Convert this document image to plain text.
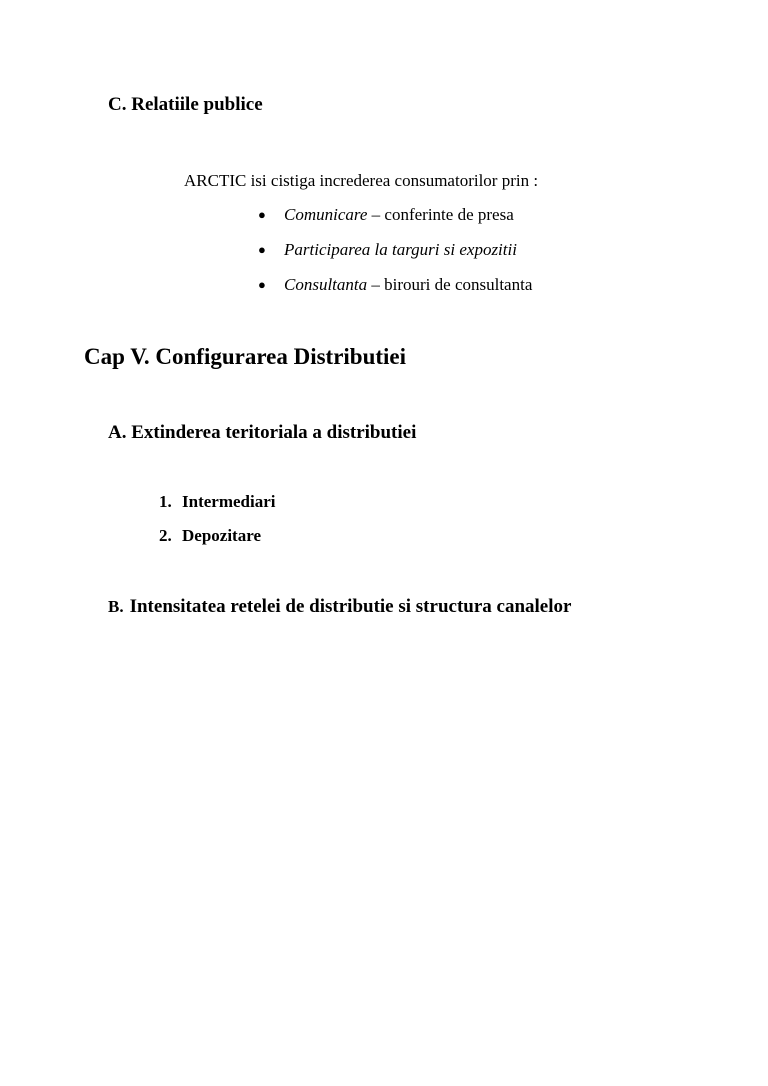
C. Relatiile publice

ARCTIC isi cistiga increderea consumatorilor prin :

● Comunicare – conferinte de presa

● Participarea la targuri si expozitii

● Consultanta – birouri de consultanta

Cap V. Configurarea Distributiei
A. Extinderea teritoriala a distributiei

1. Intermediari

2. Depozitare

B. Intensitatea retelei de distributie si structura canalelor
